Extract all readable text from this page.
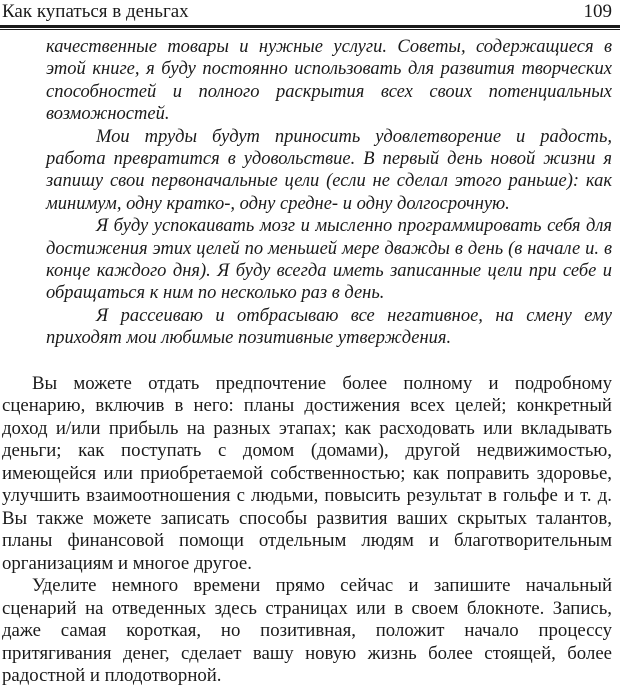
Как купаться в деньгах	109

качественные товары и нужные услуги. Советы, содержащиеся в этой книге, я буду постоянно использовать для развития творческих способностей и полного раскрытия всех своих потенциальных возможностей.

Мои труды будут приносить удовлетворение и радость, работа превратится в удовольствие. В первый день новой жизни я запишу свои первоначальные цели (если не сделал этого раньше): как минимум, одну кратко-, одну средне- и одну долгосрочную.

Я буду успокаивать мозг и мысленно программировать себя для достижения этих целей по меньшей мере дважды в день (в начале и. в конце каждого дня). Я буду всегда иметь записанные цели при себе и обращаться к ним по несколько раз в день.

Я рассеиваю и отбрасываю все негативное, на смену ему приходят мои любимые позитивные утверждения.

Вы можете отдать предпочтение более полному и подробному сценарию, включив в него: планы достижения всех целей; конкретный доход и/или прибыль на разных этапах; как расходовать или вкладывать деньги; как поступать с домом (домами), другой недвижимостью, имеющейся или приобретаемой собственностью; как поправить здоровье, улучшить взаимоотношения с людьми, повысить результат в гольфе и т. д. Вы также можете записать способы развития ваших скрытых талантов, планы финансовой помощи отдельным людям и благотворительным организациям и многое другое.

Уделите немного времени прямо сейчас и запишите начальный сценарий на отведенных здесь страницах или в своем блокноте. Запись, даже самая короткая, но позитивная, положит начало процессу притягивания денег, сделает вашу новую жизнь более стоящей, более радостной и плодотворной.
